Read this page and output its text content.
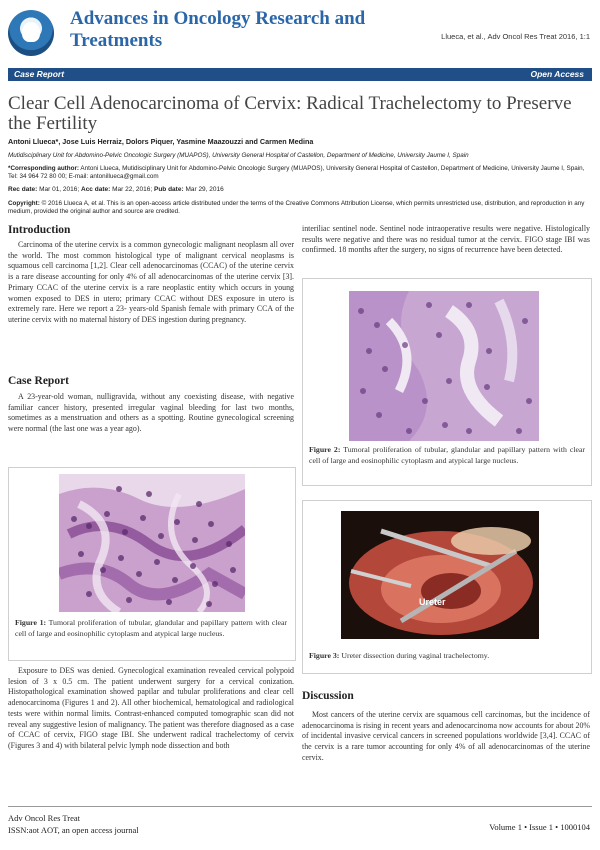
Advances in Oncology Research and Treatments	Llueca, et al., Adv Oncol Res Treat 2016, 1:1
Case Report	Open Access
Clear Cell Adenocarcinoma of Cervix: Radical Trachelectomy to Preserve the Fertility
Antoni Llueca*, Jose Luis Herraiz, Dolors Piquer, Yasmine Maazouzzi and Carmen Medina
Mutidisciplinary Unit for Abdomino-Pelvic Oncologic Surgery (MUAPOS), University General Hospital of Castellon, Department of Medicine, University Jaume I, Spain
*Corresponding author: Antoni Llueca, Mutidisciplinary Unit for Abdomino-Pelvic Oncologic Surgery (MUAPOS), University General Hospital of Castellon, Department of Medicine, University Jaume I, Spain, Tel: 34 964 72 80 00; E-mail: antonillueca@gmail.com
Rec date: Mar 01, 2016; Acc date: Mar 22, 2016; Pub date: Mar 29, 2016
Copyright: © 2016 Llueca A, et al. This is an open-access article distributed under the terms of the Creative Commons Attribution License, which permits unrestricted use, distribution, and reproduction in any medium, provided the original author and source are credited.
Introduction
Carcinoma of the uterine cervix is a common gynecologic malignant neoplasm all over the world. The most common histological type of malignant cervical neoplasms is squamous cell carcinoma [1,2]. Clear cell adenocarcinomas (CCAC) of the uterine cervix is a rare disease accounting for only 4% of all adenocarcinomas of the uterine cervix [3]. Primary CCAC of the uterine cervix is a rare neoplastic entity which occurs in young women exposed to DES in utero; primary CCAC without DES exposure in utero is extremely rare. Here we report a 23- years-old Spanish female with primary CCA of the uterine cervix with no maternal history of DES ingestion during pregnancy.
Case Report
A 23-year-old woman, nulligravida, without any coexisting disease, with negative familiar cancer history, presented irregular vaginal bleeding for last two months, sometimes as a menstruation and others as a spotting. Routine gynecological screening were normal (the last one was a year ago).
Figure 1: Tumoral proliferation of tubular, glandular and papillary pattern with clear cell of large and eosinophilic cytoplasm and atypical large nucleus.
Exposure to DES was denied. Gynecological examination revealed cervical polypoid lesion of 3 x 0.5 cm. The patient underwent surgery for a cervical conization. Histopathological examination showed papilar and tubular proliferations and clear cell adenocarcinoma (Figures 1 and 2). All other biochemical, hematological and radiological tests were within normal limits. Contrast-enhanced computed tomographic scan did not reveal any suggestive lesion of malignancy. The patient was therefore diagnosed as a case of CCAC of cervix, FIGO stage IBI. She underwent radical trachelectomy of cervix (Figures 3 and 4) with bilateral pelvic lymph node dissection and both
interiliac sentinel node. Sentinel node intraoperative results were negative. Histologically results were negative and there was no residual tumor at the cervix. FIGO stage IBI was confirmed. 18 months after the surgery, no signs of recurrence have been detected.
Figure 2: Tumoral proliferation of tubular, glandular and papillary pattern with clear cell of large and eosinophilic cytoplasm and atypical large nucleus.
Ureter
Figure 3: Ureter dissection during vaginal trachelectomy.
Discussion
Most cancers of the uterine cervix are squamous cell carcinomas, but the incidence of adenocarcinoma is rising in recent years and adenocarcinoma now accounts for about 20% of incidental invasive cervical cancers in screened populations worldwide [3,4]. CCAC of the cervix is a rare tumor accounting for only 4% of all adenocarcinomas of the uterine cervix.
Adv Oncol Res Treat
ISSN:aot AOT, an open access journal	Volume 1 • Issue 1 • 1000104
